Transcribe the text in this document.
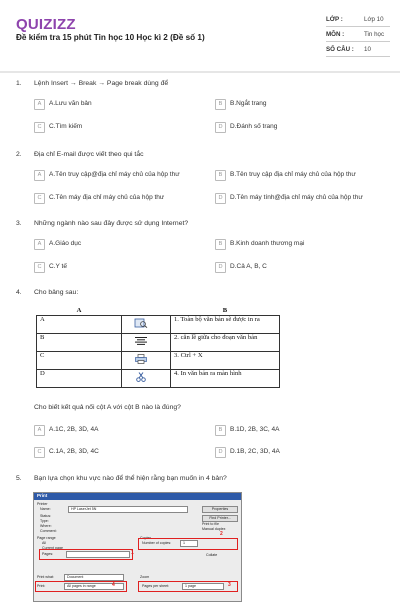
QUIZIZZ
Đề kiểm tra 15 phút Tin học 10 Học kì 2 (Đề số 1)
LỚP :	Lớp 10
MÔN :	Tin học
SỐ CÂU : 10
1. Lệnh Insert → Break → Page break dùng để
A	A.Lưu văn bản	B	B.Ngắt trang
C	C.Tìm kiếm	D	D.Đánh số trang
2. Địa chỉ E-mail được viết theo qui tắc
A	A.Tên truy cập@địa chỉ máy chủ của hộp thư	B	B.Tên truy cập địa chỉ máy chủ của hộp thư
C	C.Tên máy địa chỉ máy chủ của hộp thư	D	D.Tên máy tính@địa chỉ máy chủ của hộp thư
3. Những ngành nào sau đây được sử dụng Internet?
A	A.Giáo dục	B	B.Kinh doanh thương mại
C	C.Y tế	D	D.Cả A, B, C
4. Cho bảng sau:
A		B
A		1. Toàn bộ văn bản sẽ được in ra
B		2. căn lề giữa cho đoạn văn bản
C		3. Ctrl + X
D		4. In văn bản ra màn hình
Cho biết kết quả nối cột A với cột B nào là đúng?
A	A.1C, 2B, 3D, 4A	B	B.1D, 2B, 3C, 4A
C	C.1A, 2B, 3D, 4C	D	D.1B, 2C, 3D, 4A
5. Bạn lựa chọn khu vực nào để thể hiện rằng bạn muốn in 4 bản?
Print
Printer
Name:	HP LaserJet 5N	Properties
Status:
Type:
Find Printer...
Where:
Comment:
Print to file
Manual duplex
Page range
All
Current page
Pages:	1
Copies
Number of copies:	1
2
Collate
Print what:	Document
Print:	All pages in range	4
Zoom
Pages per sheet:	1 page	3
